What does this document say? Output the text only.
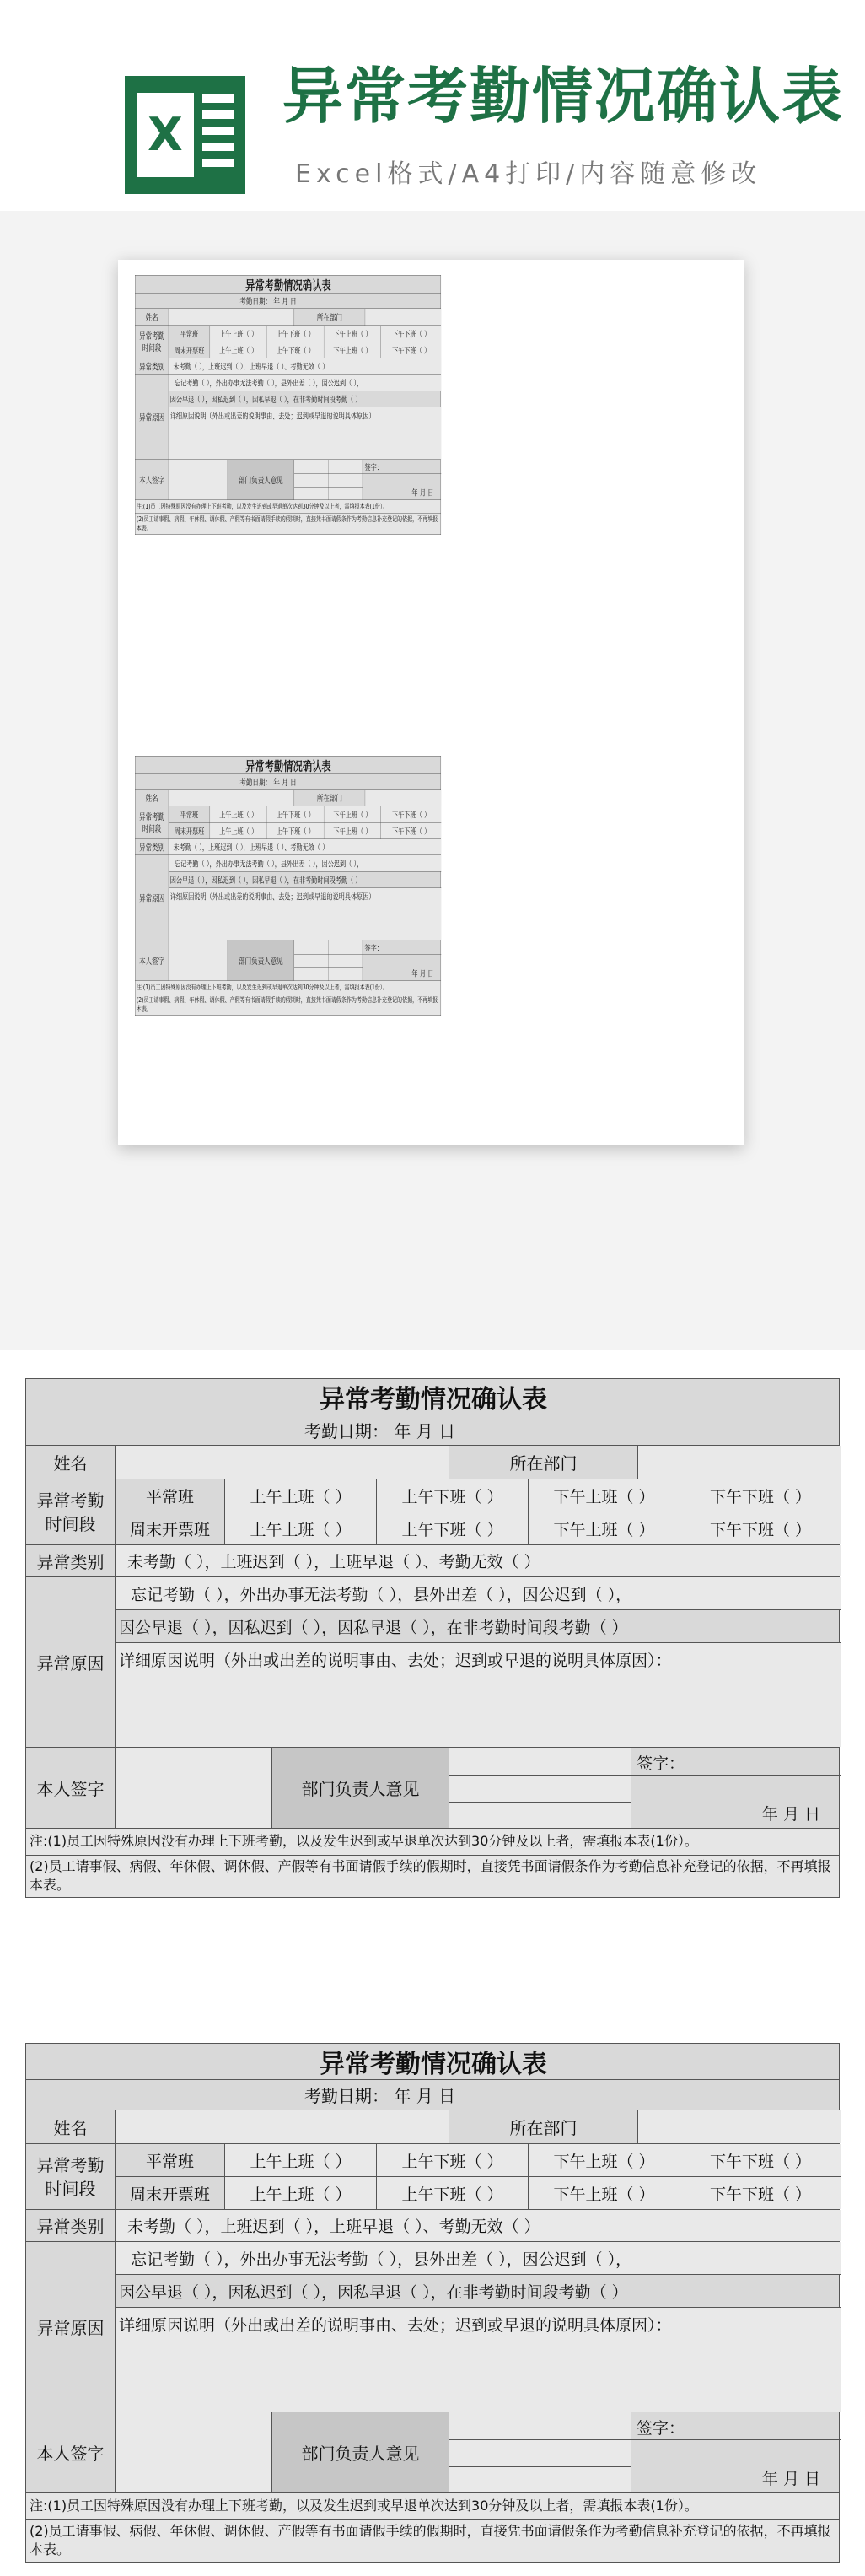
X
异常考勤情况确认表
Excel格式/A4打印/内容随意修改
异常考勤情况确认表
考勤日期： 年 月 日
姓名	所在部门
异常考勤
时间段
平常班	上午上班（ ）	上午下班（ ）	下午上班（ ）	下午下班（ ）
周末开票班 上午上班（ ）	上午下班（ ）	下午上班（ ）	下午下班（ ）
异常类别 未考勤（ ），上班迟到（ ），上班早退（ ）、考勤无效（ ）
异常原因
忘记考勤（ ），外出办事无法考勤（ ），县外出差（ ），因公迟到（ ），
因公早退（ ），因私迟到（ ），因私早退（ ），在非考勤时间段考勤（ ）
详细原因说明（外出或出差的说明事由、去处；迟到或早退的说明具体原因）：
本人签字	部门负责人意见
签字：
年 月 日
注:(1)员工因特殊原因没有办理上下班考勤，以及发生迟到或早退单次达到30分钟及以上者，需填报本表(1份）。
(2)员工请事假、病假、年休假、调休假、产假等有书面请假手续的假期时，直接凭书面请假条作为考勤信息补充登记的依据，不再填报本表。
异常考勤情况确认表
考勤日期： 年 月 日
姓名	所在部门
异常考勤
时间段
平常班	上午上班（ ）	上午下班（ ）	下午上班（ ）	下午下班（ ）
周末开票班 上午上班（ ）	上午下班（ ）	下午上班（ ）	下午下班（ ）
异常类别 未考勤（ ），上班迟到（ ），上班早退（ ）、考勤无效（ ）
异常原因
忘记考勤（ ），外出办事无法考勤（ ），县外出差（ ），因公迟到（ ），
因公早退（ ），因私迟到（ ），因私早退（ ），在非考勤时间段考勤（ ）
详细原因说明（外出或出差的说明事由、去处；迟到或早退的说明具体原因）：
本人签字	部门负责人意见
签字：
年 月 日
注:(1)员工因特殊原因没有办理上下班考勤，以及发生迟到或早退单次达到30分钟及以上者，需填报本表(1份）。
(2)员工请事假、病假、年休假、调休假、产假等有书面请假手续的假期时，直接凭书面请假条作为考勤信息补充登记的依据，不再填报本表。
异常考勤情况确认表
考勤日期： 年 月 日
姓名	所在部门
异常考勤
时间段
平常班	上午上班（ ）	上午下班（ ）	下午上班（ ）	下午下班（ ）
周末开票班	上午上班（ ）	上午下班（ ）	下午上班（ ）	下午下班（ ）
异常类别	未考勤（ ），上班迟到（ ），上班早退（ ）、考勤无效（ ）
异常原因
忘记考勤（ ），外出办事无法考勤（ ），县外出差（ ），因公迟到（ ），
因公早退（ ），因私迟到（ ），因私早退（ ），在非考勤时间段考勤（ ）
详细原因说明（外出或出差的说明事由、去处；迟到或早退的说明具体原因）：
本人签字	部门负责人意见
签字：
年 月 日
注:(1)员工因特殊原因没有办理上下班考勤，以及发生迟到或早退单次达到30分钟及以上者，需填报本表(1份）。
(2)员工请事假、病假、年休假、调休假、产假等有书面请假手续的假期时，直接凭书面请假条作为考勤信息补充登记的依据，不再填报本表。
异常考勤情况确认表
考勤日期： 年 月 日
姓名	所在部门
异常考勤
时间段
平常班	上午上班（ ）	上午下班（ ）	下午上班（ ）	下午下班（ ）
周末开票班	上午上班（ ）	上午下班（ ）	下午上班（ ）	下午下班（ ）
异常类别	未考勤（ ），上班迟到（ ），上班早退（ ）、考勤无效（ ）
异常原因
忘记考勤（ ），外出办事无法考勤（ ），县外出差（ ），因公迟到（ ），
因公早退（ ），因私迟到（ ），因私早退（ ），在非考勤时间段考勤（ ）
详细原因说明（外出或出差的说明事由、去处；迟到或早退的说明具体原因）：
本人签字	部门负责人意见
签字：
年 月 日
注:(1)员工因特殊原因没有办理上下班考勤，以及发生迟到或早退单次达到30分钟及以上者，需填报本表(1份）。
(2)员工请事假、病假、年休假、调休假、产假等有书面请假手续的假期时，直接凭书面请假条作为考勤信息补充登记的依据，不再填报本表。
